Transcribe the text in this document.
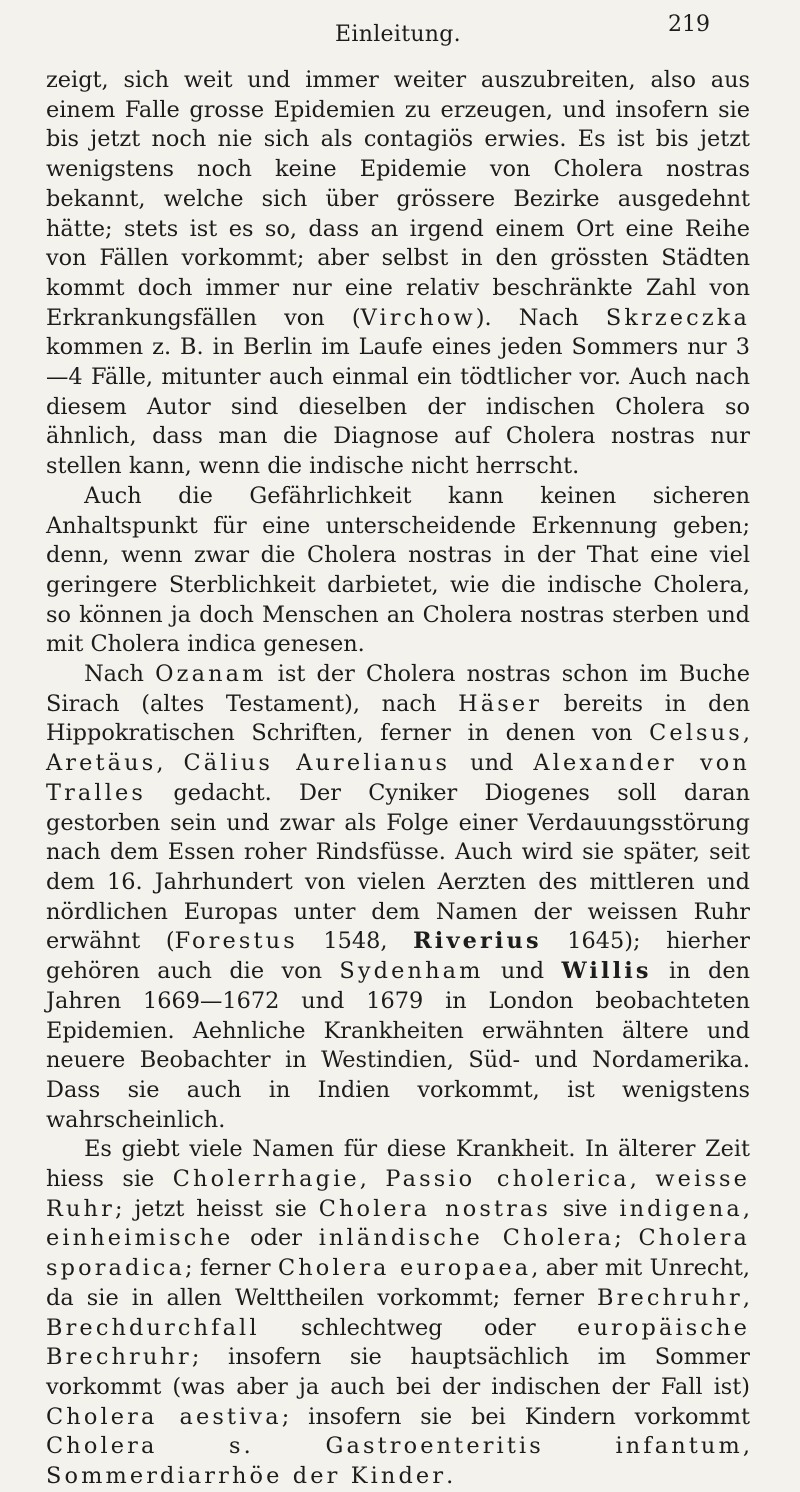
Einleitung.	219

zeigt, sich weit und immer weiter auszubreiten, also aus einem Falle grosse Epidemien zu erzeugen, und insofern sie bis jetzt noch nie sich als contagiös erwies. Es ist bis jetzt wenigstens noch keine Epidemie von Cholera nostras bekannt, welche sich über grössere Bezirke ausgedehnt hätte; stets ist es so, dass an irgend einem Ort eine Reihe von Fällen vorkommt; aber selbst in den grössten Städten kommt doch immer nur eine relativ beschränkte Zahl von Erkrankungsfällen von (Virchow). Nach Skrzeczka kommen z. B. in Berlin im Laufe eines jeden Sommers nur 3—4 Fälle, mitunter auch einmal ein tödtlicher vor. Auch nach diesem Autor sind dieselben der indischen Cholera so ähnlich, dass man die Diagnose auf Cholera nostras nur stellen kann, wenn die indische nicht herrscht.

Auch die Gefährlichkeit kann keinen sicheren Anhaltspunkt für eine unterscheidende Erkennung geben; denn, wenn zwar die Cholera nostras in der That eine viel geringere Sterblichkeit darbietet, wie die indische Cholera, so können ja doch Menschen an Cholera nostras sterben und mit Cholera indica genesen.

Nach Ozanam ist der Cholera nostras schon im Buche Sirach (altes Testament), nach Häser bereits in den Hippokratischen Schriften, ferner in denen von Celsus, Aretäus, Cälius Aurelianus und Alexander von Tralles gedacht. Der Cyniker Diogenes soll daran gestorben sein und zwar als Folge einer Verdauungsstörung nach dem Essen roher Rindsfüsse. Auch wird sie später, seit dem 16. Jahrhundert von vielen Aerzten des mittleren und nördlichen Europas unter dem Namen der weissen Ruhr erwähnt (Forestus 1548, Riverius 1645); hierher gehören auch die von Sydenham und Willis in den Jahren 1669—1672 und 1679 in London beobachteten Epidemien. Aehnliche Krankheiten erwähnten ältere und neuere Beobachter in Westindien, Süd- und Nordamerika. Dass sie auch in Indien vorkommt, ist wenigstens wahrscheinlich.

Es giebt viele Namen für diese Krankheit. In älterer Zeit hiess sie Cholerrhagie, Passio cholerica, weisse Ruhr; jetzt heisst sie Cholera nostras sive indigena, einheimische oder inländische Cholera; Cholera sporadica; ferner Cholera europaea, aber mit Unrecht, da sie in allen Welttheilen vorkommt; ferner Brechruhr, Brechdurchfall schlechtweg oder europäische Brechruhr; insofern sie hauptsächlich im Sommer vorkommt (was aber ja auch bei der indischen der Fall ist) Cholera aestiva; insofern sie bei Kindern vorkommt Cholera s. Gastroenteritis infantum, Sommerdiarrhöe der Kinder.
